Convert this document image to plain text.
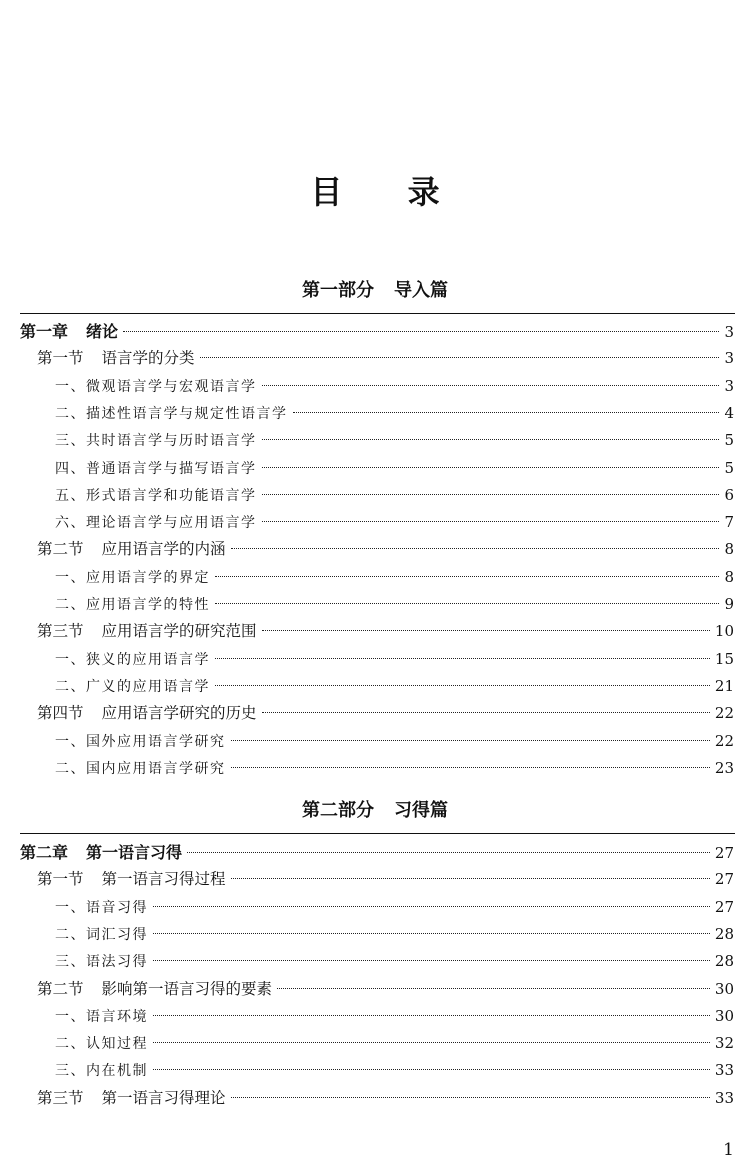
目 录
第一部分 导入篇
第一章 绪论	3
第一节 语言学的分类	3
一、微观语言学与宏观语言学	3
二、描述性语言学与规定性语言学	4
三、共时语言学与历时语言学	5
四、普通语言学与描写语言学	5
五、形式语言学和功能语言学	6
六、理论语言学与应用语言学	7
第二节 应用语言学的内涵	8
一、应用语言学的界定	8
二、应用语言学的特性	9
第三节 应用语言学的研究范围	10
一、狭义的应用语言学	15
二、广义的应用语言学	21
第四节 应用语言学研究的历史	22
一、国外应用语言学研究	22
二、国内应用语言学研究	23
第二部分 习得篇
第二章 第一语言习得	27
第一节 第一语言习得过程	27
一、语音习得	27
二、词汇习得	28
三、语法习得	28
第二节 影响第一语言习得的要素	30
一、语言环境	30
二、认知过程	32
三、内在机制	33
第三节 第一语言习得理论	33
1
